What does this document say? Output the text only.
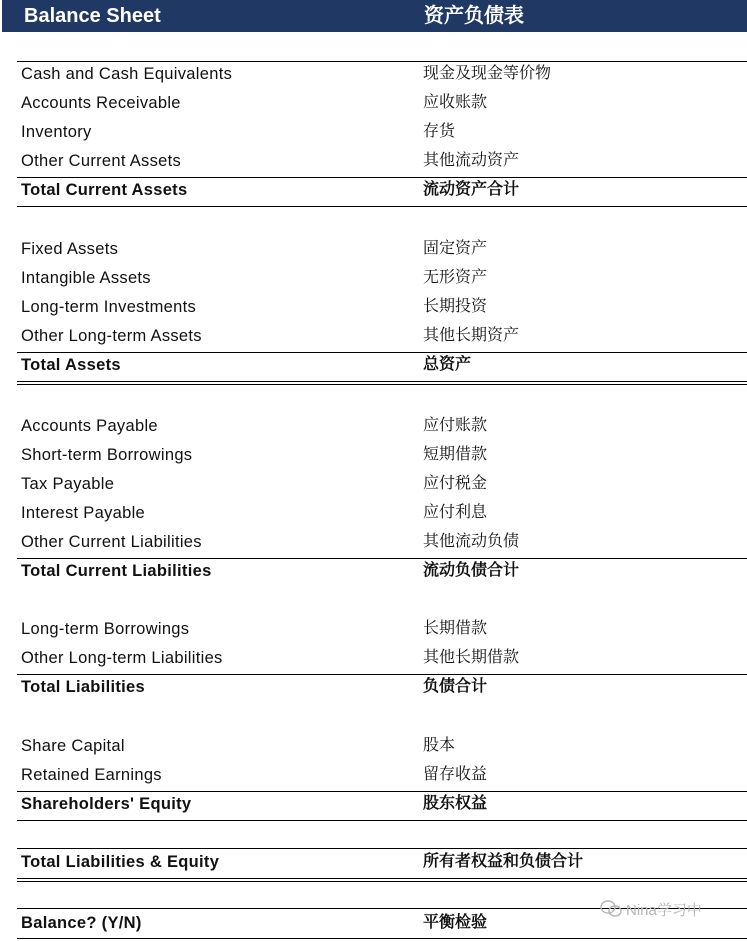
Balance Sheet	资产负债表
Cash and Cash Equivalents	现金及现金等价物
Accounts Receivable	应收账款
Inventory	存货
Other Current Assets	其他流动资产
Total Current Assets	流动资产合计
Fixed Assets	固定资产
Intangible Assets	无形资产
Long-term Investments	长期投资
Other Long-term Assets	其他长期资产
Total Assets	总资产
Accounts Payable	应付账款
Short-term Borrowings	短期借款
Tax Payable	应付税金
Interest Payable	应付利息
Other Current Liabilities	其他流动负债
Total Current Liabilities	流动负债合计
Long-term Borrowings	长期借款
Other Long-term Liabilities	其他长期借款
Total Liabilities	负债合计
Share Capital	股本
Retained Earnings	留存收益
Shareholders' Equity	股东权益
Total Liabilities & Equity	所有者权益和负债合计
Balance? (Y/N)	平衡检验
Nina学习中
